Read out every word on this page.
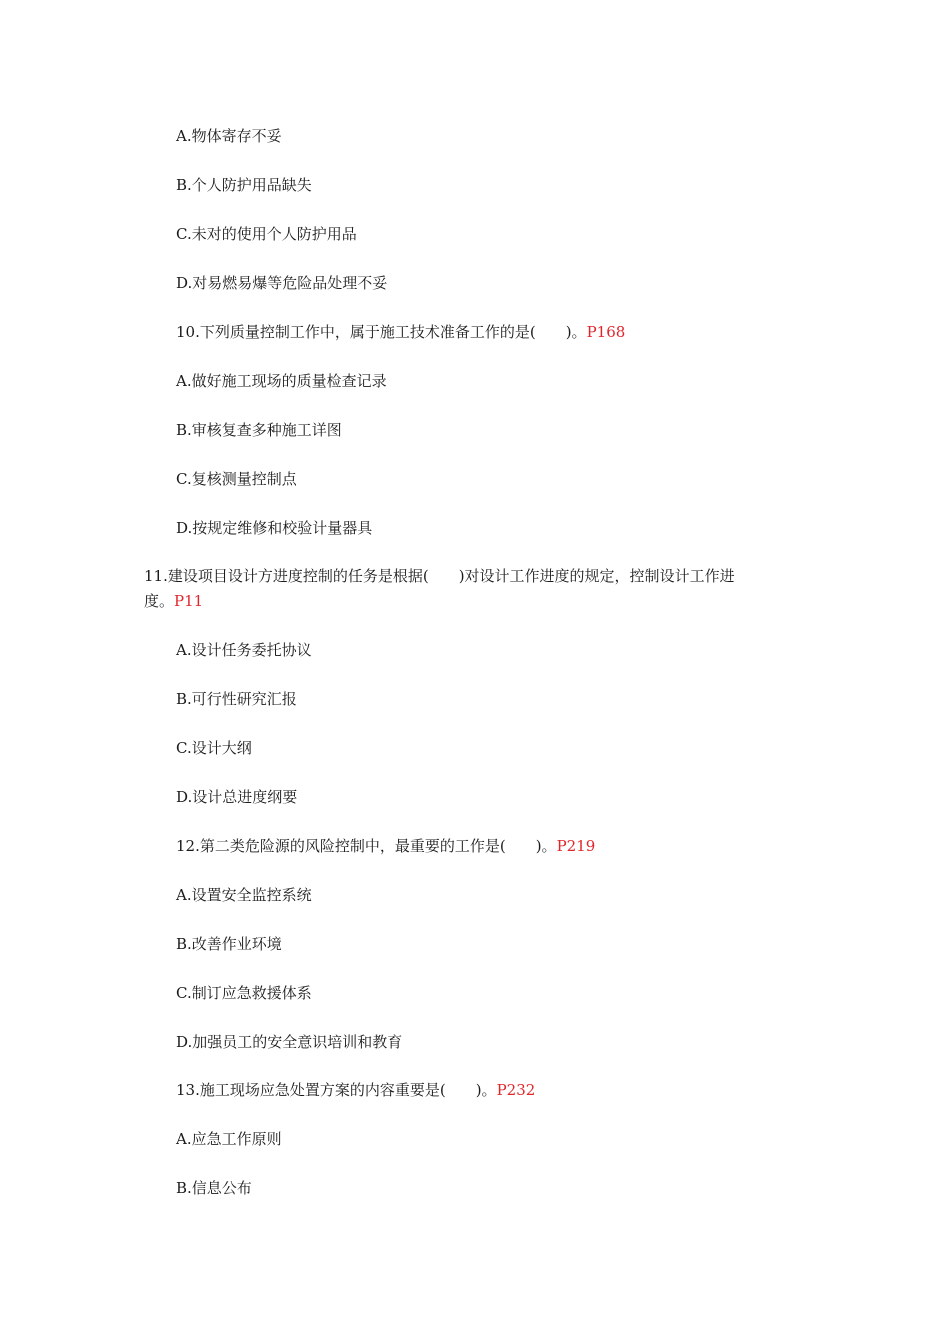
A.物体寄存不妥
B.个人防护用品缺失
C.未对的使用个人防护用品
D.对易燃易爆等危险品处理不妥
10.下列质量控制工作中，属于施工技术准备工作的是(　　)。P168
A.做好施工现场的质量检查记录
B.审核复查多种施工详图
C.复核测量控制点
D.按规定维修和校验计量器具
11.建设项目设计方进度控制的任务是根据(　　)对设计工作进度的规定，控制设计工作进
度。P11
A.设计任务委托协议
B.可行性研究汇报
C.设计大纲
D.设计总进度纲要
12.第二类危险源的风险控制中，最重要的工作是(　　)。P219
A.设置安全监控系统
B.改善作业环境
C.制订应急救援体系
D.加强员工的安全意识培训和教育
13.施工现场应急处置方案的内容重要是(　　)。P232
A.应急工作原则
B.信息公布
